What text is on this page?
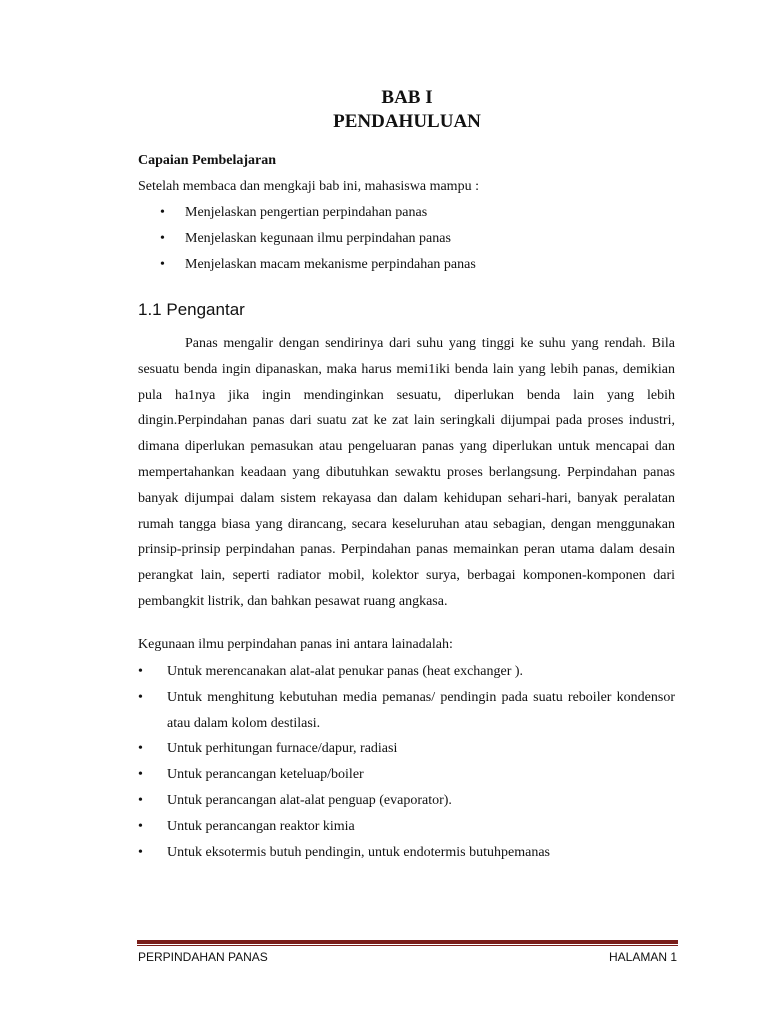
BAB I
PENDAHULUAN

Capaian Pembelajaran

Setelah membaca dan mengkaji bab ini, mahasiswa mampu :

• Menjelaskan pengertian perpindahan panas
• Menjelaskan kegunaan ilmu perpindahan panas
• Menjelaskan macam mekanisme perpindahan panas
1.1 Pengantar

Panas mengalir dengan sendirinya dari suhu yang tinggi ke suhu yang rendah. Bila sesuatu benda ingin dipanaskan, maka harus memi1iki benda lain yang lebih panas, demikian pula ha1nya jika ingin mendinginkan sesuatu, diperlukan benda lain yang lebih dingin.Perpindahan panas dari suatu zat ke zat lain seringkali dijumpai pada proses industri, dimana diperlukan pemasukan atau pengeluaran panas yang diperlukan untuk mencapai dan mempertahankan keadaan yang dibutuhkan sewaktu proses berlangsung. Perpindahan panas banyak dijumpai dalam sistem rekayasa dan dalam kehidupan sehari-hari, banyak peralatan rumah tangga biasa yang dirancang, secara keseluruhan atau sebagian, dengan menggunakan prinsip-prinsip perpindahan panas. Perpindahan panas memainkan peran utama dalam desain perangkat lain, seperti radiator mobil, kolektor surya, berbagai komponen-komponen dari pembangkit listrik, dan bahkan pesawat ruang angkasa.

Kegunaan ilmu perpindahan panas ini antara lainadalah:

• Untuk merencanakan alat-alat penukar panas (heat exchanger ).
• Untuk menghitung kebutuhan media pemanas/ pendingin pada suatu reboiler kondensor atau dalam kolom destilasi.
• Untuk perhitungan furnace/dapur, radiasi
• Untuk perancangan keteluap/boiler
• Untuk perancangan alat-alat penguap (evaporator).
• Untuk perancangan reaktor kimia
• Untuk eksotermis butuh pendingin, untuk endotermis butuhpemanas
PERPINDAHAN PANAS	HALAMAN 1
